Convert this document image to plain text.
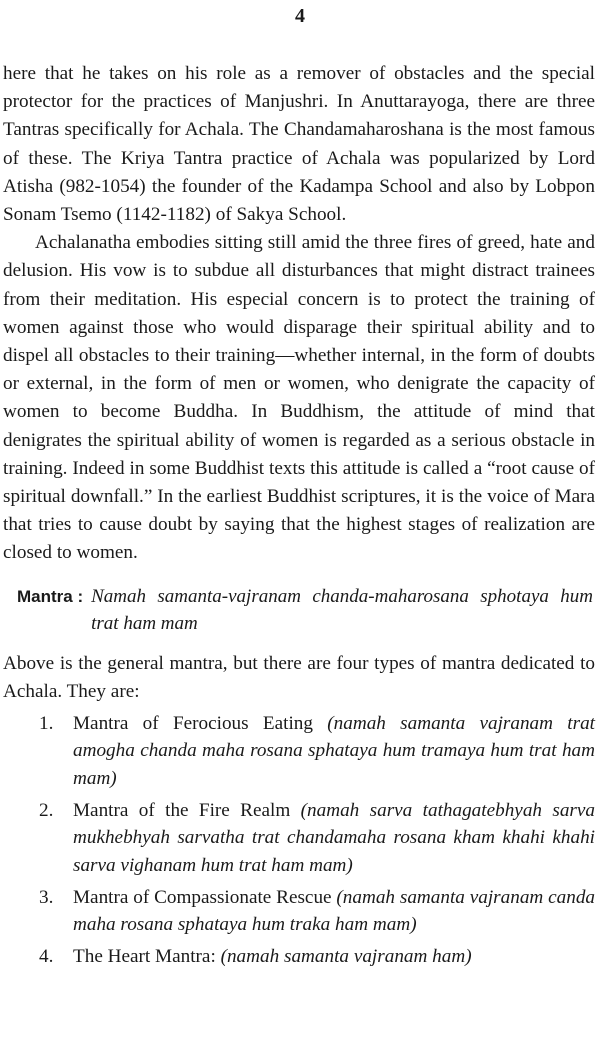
4

here that he takes on his role as a remover of obstacles and the special protector for the practices of Manjushri. In Anuttarayoga, there are three Tantras specifically for Achala. The Chandamaharoshana is the most famous of these. The Kriya Tantra practice of Achala was popularized by Lord Atisha (982-1054) the founder of the Kadampa School and also by Lobpon Sonam Tsemo (1142-1182) of Sakya School.

Achalanatha embodies sitting still amid the three fires of greed, hate and delusion. His vow is to subdue all disturbances that might distract trainees from their meditation. His especial concern is to protect the training of women against those who would disparage their spiritual ability and to dispel all obstacles to their training—whether internal, in the form of doubts or external, in the form of men or women, who denigrate the capacity of women to become Buddha. In Buddhism, the attitude of mind that denigrates the spiritual ability of women is regarded as a serious obstacle in training. Indeed in some Buddhist texts this attitude is called a “root cause of spiritual downfall.” In the earliest Buddhist scriptures, it is the voice of Mara that tries to cause doubt by saying that the highest stages of realization are closed to women.

Mantra : Namah samanta-vajranam chanda-maharosana sphotaya hum trat ham mam

Above is the general mantra, but there are four types of mantra dedicated to Achala. They are:

1.	Mantra of Ferocious Eating (namah samanta vajranam trat amogha chanda maha rosana sphataya hum tramaya hum trat ham mam)
2.	Mantra of the Fire Realm (namah sarva tathagatebhyah sarva mukhebhyah sarvatha trat chandamaha rosana kham khahi khahi sarva vighanam hum trat ham mam)
3.	Mantra of Compassionate Rescue (namah samanta vajranam canda maha rosana sphataya hum traka ham mam)
4.	The Heart Mantra: (namah samanta vajranam ham)
